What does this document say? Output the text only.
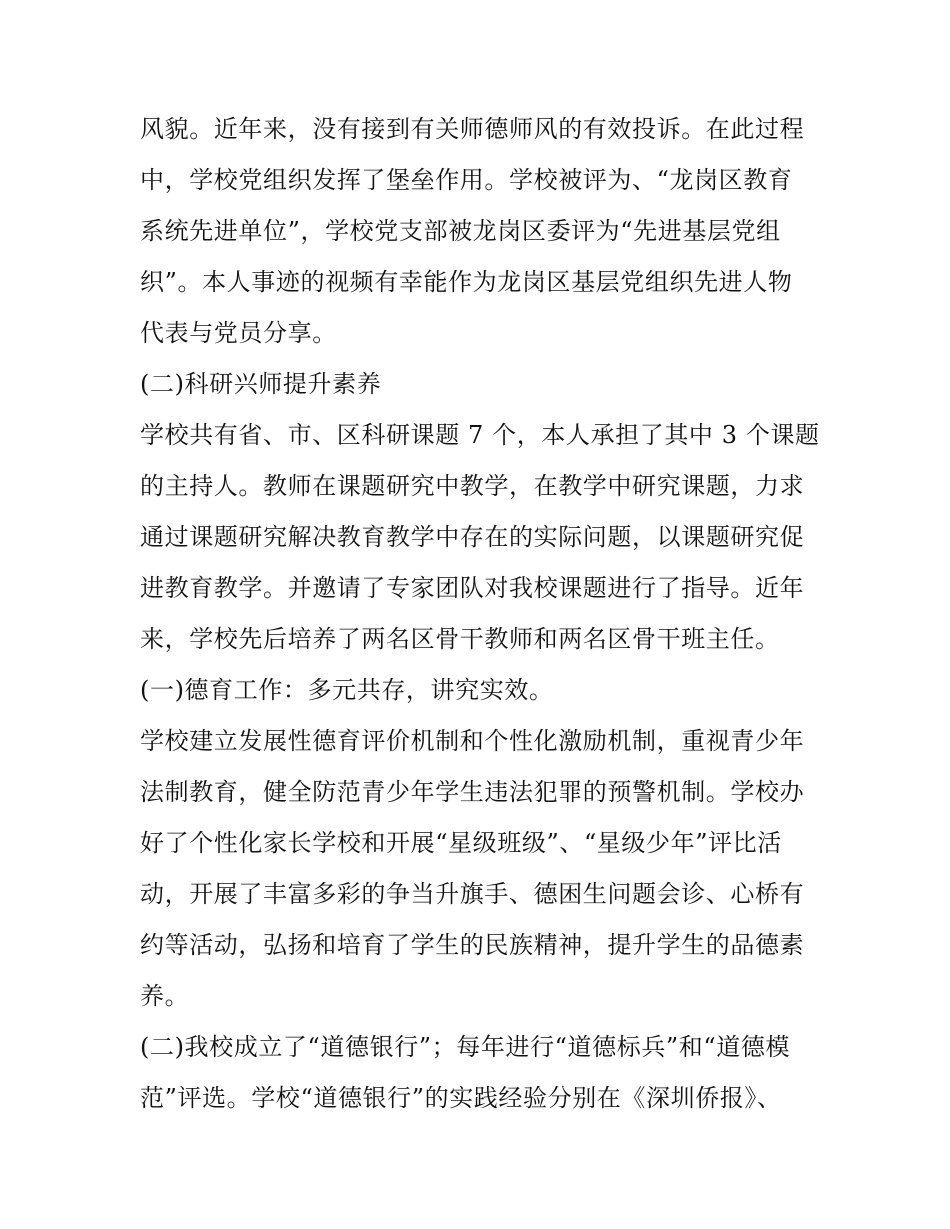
风貌。近年来，没有接到有关师德师风的有效投诉。在此过程
中，学校党组织发挥了堡垒作用。学校被评为、“龙岗区教育
系统先进单位”，学校党支部被龙岗区委评为“先进基层党组
织”。本人事迹的视频有幸能作为龙岗区基层党组织先进人物
代表与党员分享。
(二)科研兴师提升素养
学校共有省、市、区科研课题 7 个，本人承担了其中 3 个课题
的主持人。教师在课题研究中教学，在教学中研究课题，力求
通过课题研究解决教育教学中存在的实际问题，以课题研究促
进教育教学。并邀请了专家团队对我校课题进行了指导。近年
来，学校先后培养了两名区骨干教师和两名区骨干班主任。
(一)德育工作：多元共存，讲究实效。
学校建立发展性德育评价机制和个性化激励机制，重视青少年
法制教育，健全防范青少年学生违法犯罪的预警机制。学校办
好了个性化家长学校和开展“星级班级”、“星级少年”评比活
动，开展了丰富多彩的争当升旗手、德困生问题会诊、心桥有
约等活动，弘扬和培育了学生的民族精神，提升学生的品德素
养。
(二)我校成立了“道德银行”；每年进行“道德标兵”和“道德模
范”评选。学校“道德银行”的实践经验分别在《深圳侨报》、
